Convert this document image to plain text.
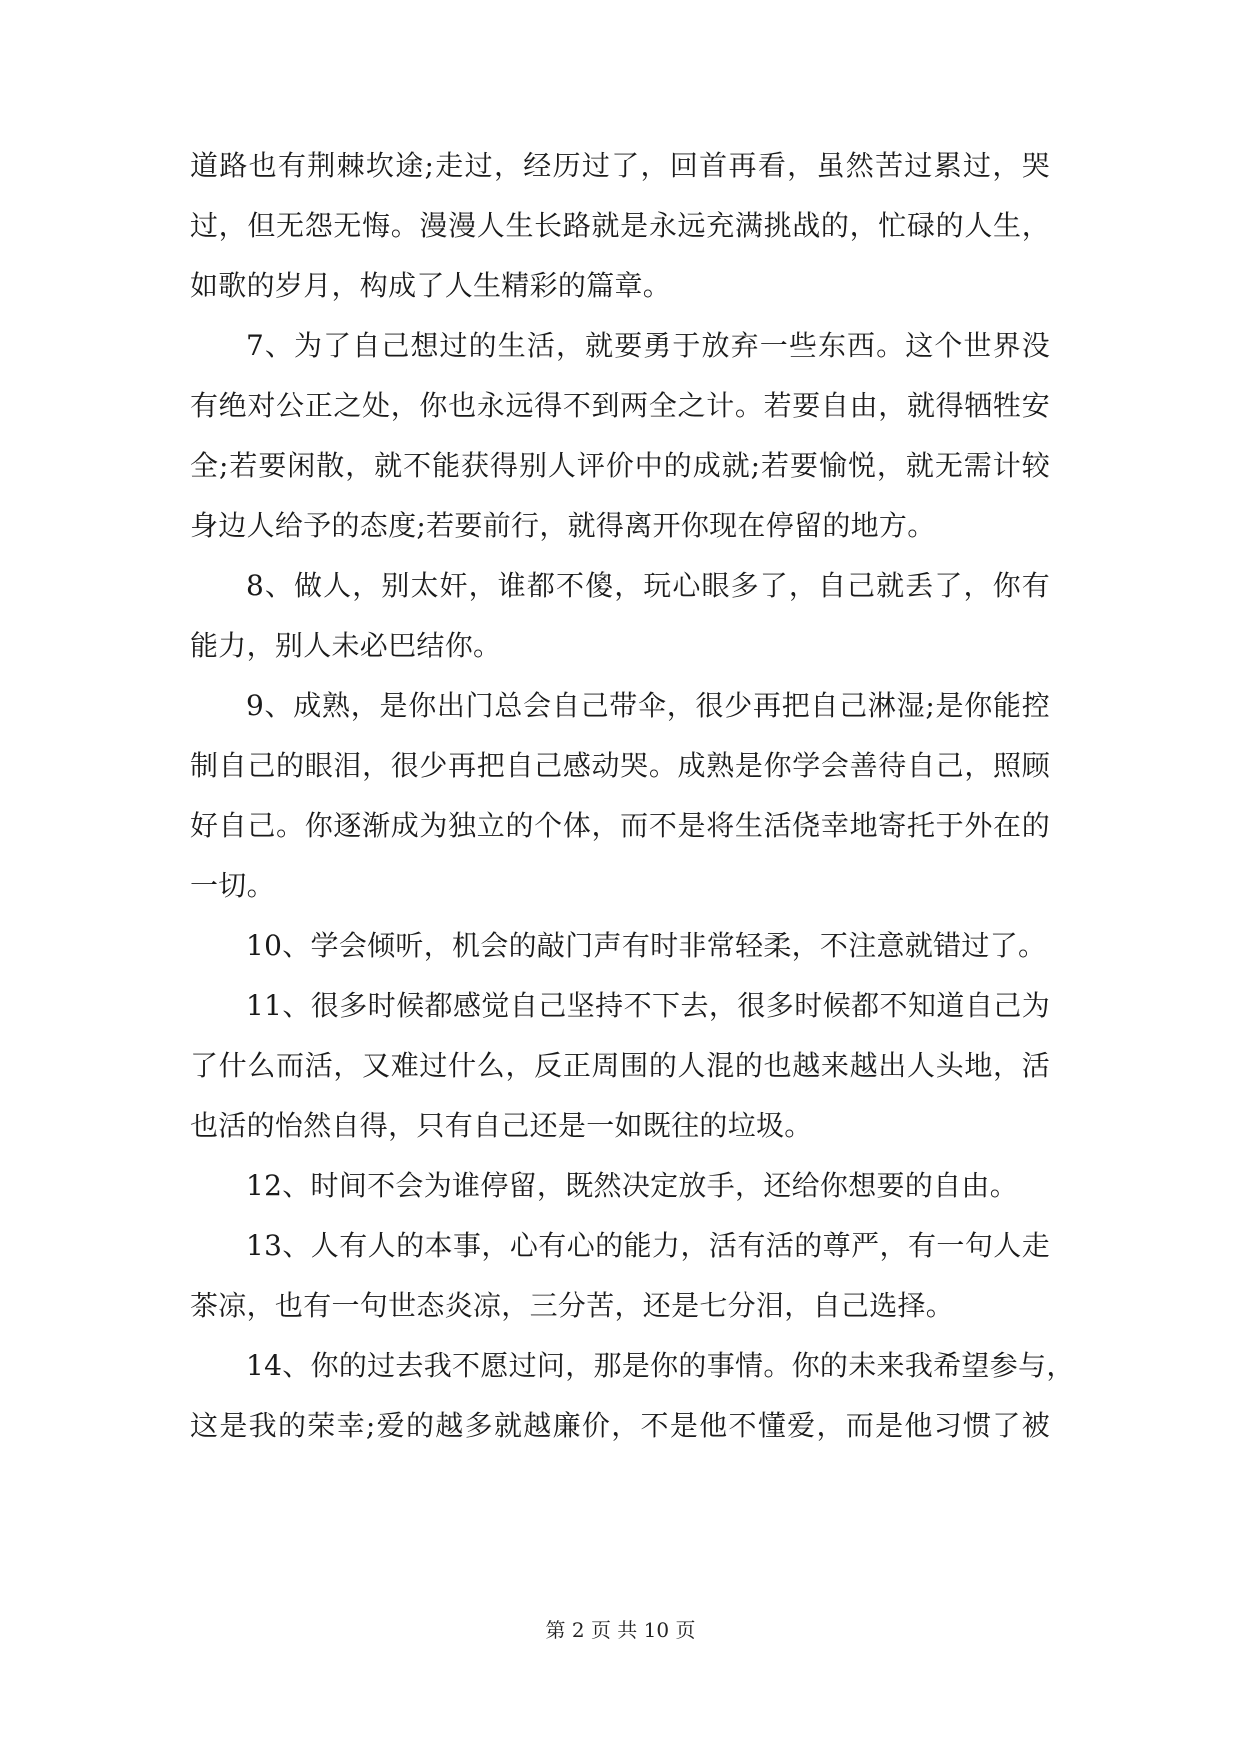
道路也有荆棘坎途;走过，经历过了，回首再看，虽然苦过累过，哭
过，但无怨无悔。漫漫人生长路就是永远充满挑战的，忙碌的人生，
如歌的岁月，构成了人生精彩的篇章。
7、为了自己想过的生活，就要勇于放弃一些东西。这个世界没
有绝对公正之处，你也永远得不到两全之计。若要自由，就得牺牲安
全;若要闲散，就不能获得别人评价中的成就;若要愉悦，就无需计较
身边人给予的态度;若要前行，就得离开你现在停留的地方。
8、做人，别太奸，谁都不傻，玩心眼多了，自己就丢了，你有
能力，别人未必巴结你。
9、成熟，是你出门总会自己带伞，很少再把自己淋湿;是你能控
制自己的眼泪，很少再把自己感动哭。成熟是你学会善待自己，照顾
好自己。你逐渐成为独立的个体，而不是将生活侥幸地寄托于外在的
一切。
10、学会倾听，机会的敲门声有时非常轻柔，不注意就错过了。
11、很多时候都感觉自己坚持不下去，很多时候都不知道自己为
了什么而活，又难过什么，反正周围的人混的也越来越出人头地，活
也活的怡然自得，只有自己还是一如既往的垃圾。
12、时间不会为谁停留，既然决定放手，还给你想要的自由。
13、人有人的本事，心有心的能力，活有活的尊严，有一句人走
茶凉，也有一句世态炎凉，三分苦，还是七分泪，自己选择。
14、你的过去我不愿过问，那是你的事情。你的未来我希望参与，
这是我的荣幸;爱的越多就越廉价，不是他不懂爱，而是他习惯了被
第 2 页 共 10 页
